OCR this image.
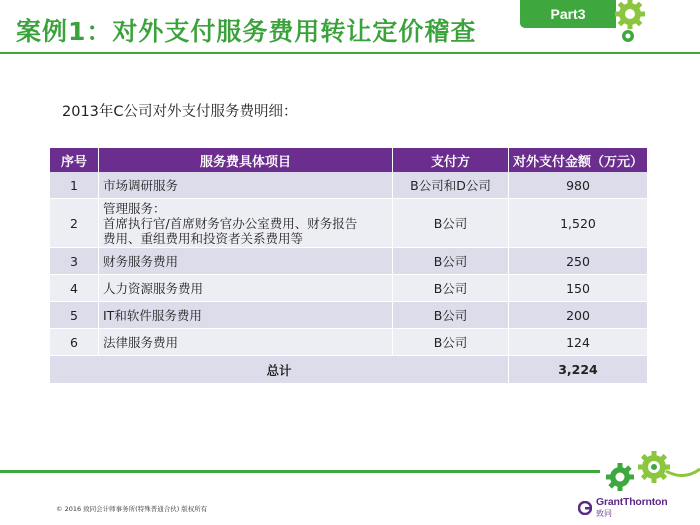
案例1：对外支付服务费用转让定价稽查
Part3
2013年C公司对外支付服务费明细：
序号	服务费具体项目	支付方	对外支付金额（万元）
1	市场调研服务	B公司和D公司	980
2	管理服务：
首席执行官/首席财务官办公室费用、财务报告
费用、重组费用和投资者关系费用等	B公司	1,520
3	财务服务费用	B公司	250
4	人力资源服务费用	B公司	150
5	IT和软件服务费用	B公司	200
6	法律服务费用	B公司	124
总计			3,224
© 2016 致同会计师事务所(特殊普通合伙) 版权所有
GrantThornton
致同
